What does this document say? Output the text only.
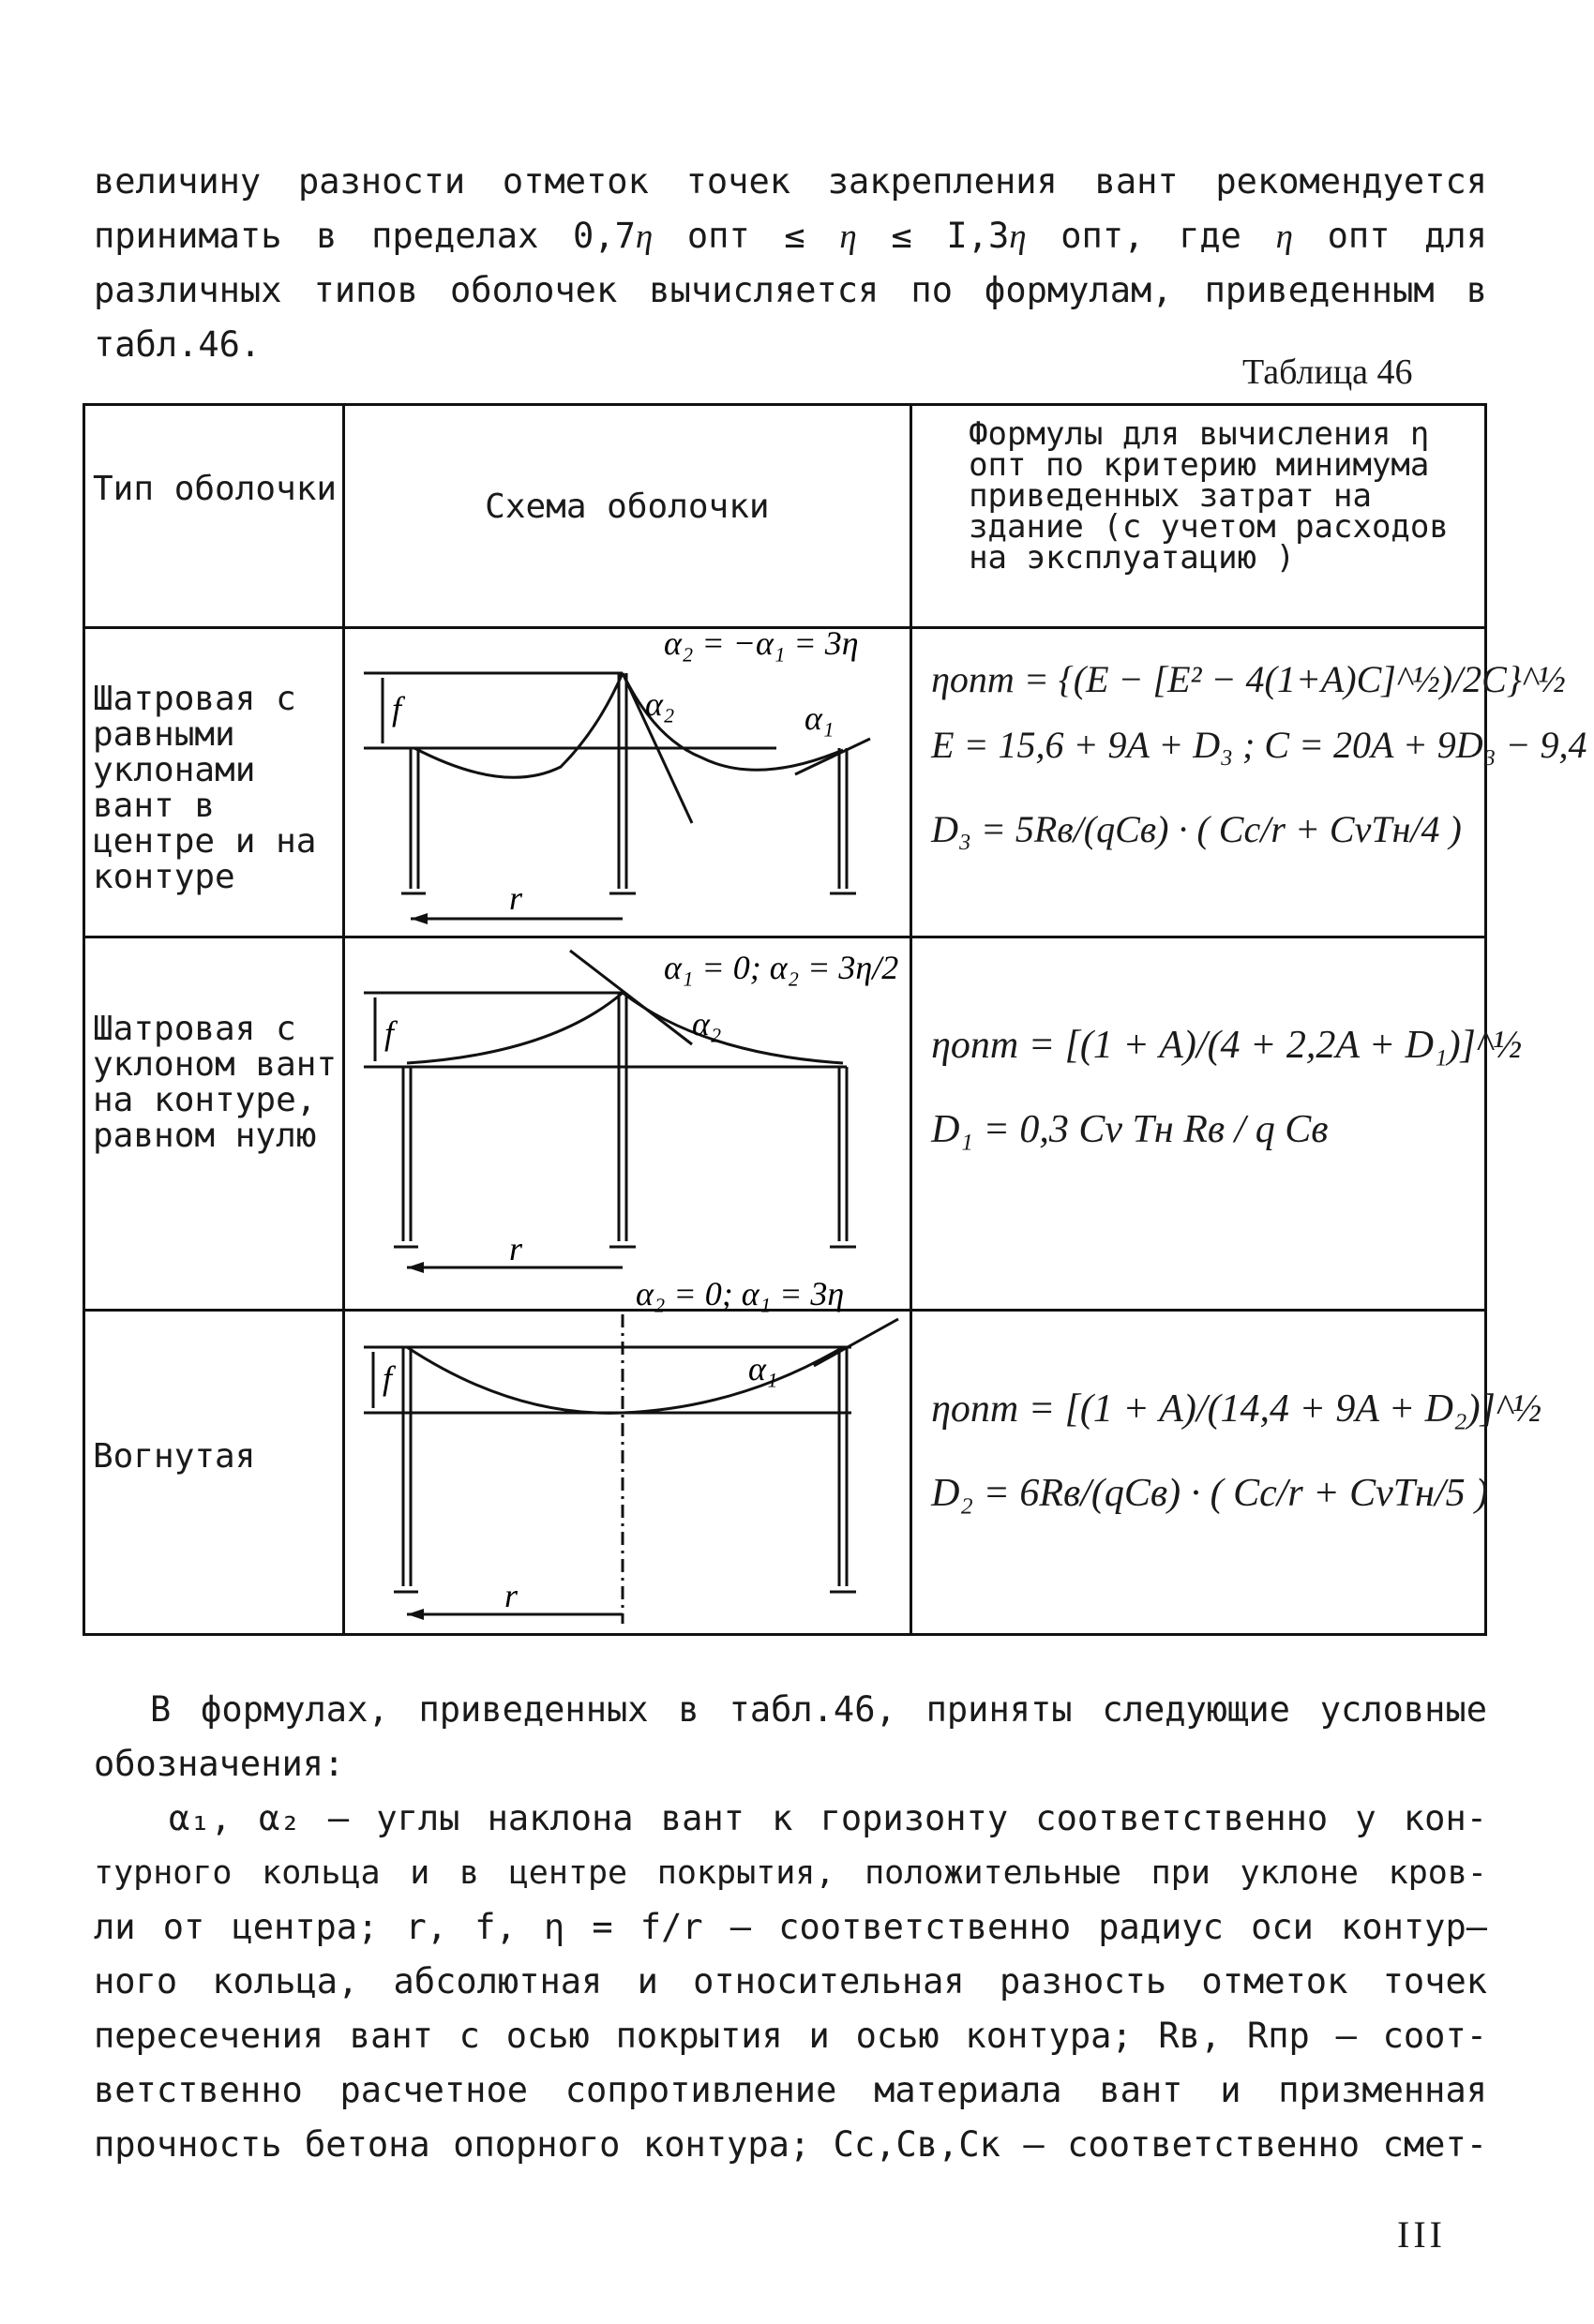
величину разности отметок точек закрепления вант рекомендуется
принимать в пределах 0,7η опт ≤ η ≤ I,3η опт, где η опт для
различных типов оболочек вычисляется по формулам, приведенным в
табл.46.
Таблица 46
Тип оболочки	Схема оболочки	Формулы для вычисления η опт по критерию минимума приведенных затрат на здание (с учетом расходов на эксплуатацию )

Шатровая с равными уклонами вант в центре и на контуре		ηопт = {(E − [E² − 4(1+A)C]^½)/2C}^½
E = 15,6 + 9A + D₃ ; C = 20A + 9D₃ − 9,4
D₃ = 5Rв/(qCв) · ( Cc/r + CvTн/4 )

Шатровая с уклоном вант на контуре, равном нулю		ηопт = [(1 + A)/(4 + 2,2A + D₁)]^½
D₁ = 0,3 Cv Tн Rв / q Cв

Вогнутая		ηопт = [(1 + A)/(14,4 + 9A + D₂)]^½
D₂ = 6Rв/(qCв) · ( Cc/r + CvTн/5 )
f
r
α₂	α₁
α₂ = −α₁ = 3η
f
r
α₂
α₁ = 0; α₂ = 3η/2
f
r
α₁
α₂ = 0; α₁ = 3η
В формулах, приведенных в табл.46, приняты следующие условные
обозначения:
α₁, α₂ – углы наклона вант к горизонту соответственно у кон-
турного кольца и в центре покрытия, положительные при уклоне кров-
ли от центра; r, f, η = f/r – соответственно радиус оси контур–
ного кольца, абсолютная и относительная разность отметок точек
пересечения вант с осью покрытия и осью контура; Rв, Rпр – соот-
ветственно расчетное сопротивление материала вант и призменная
прочность бетона опорного контура; Cс,Cв,Cк – соответственно смет-
III
